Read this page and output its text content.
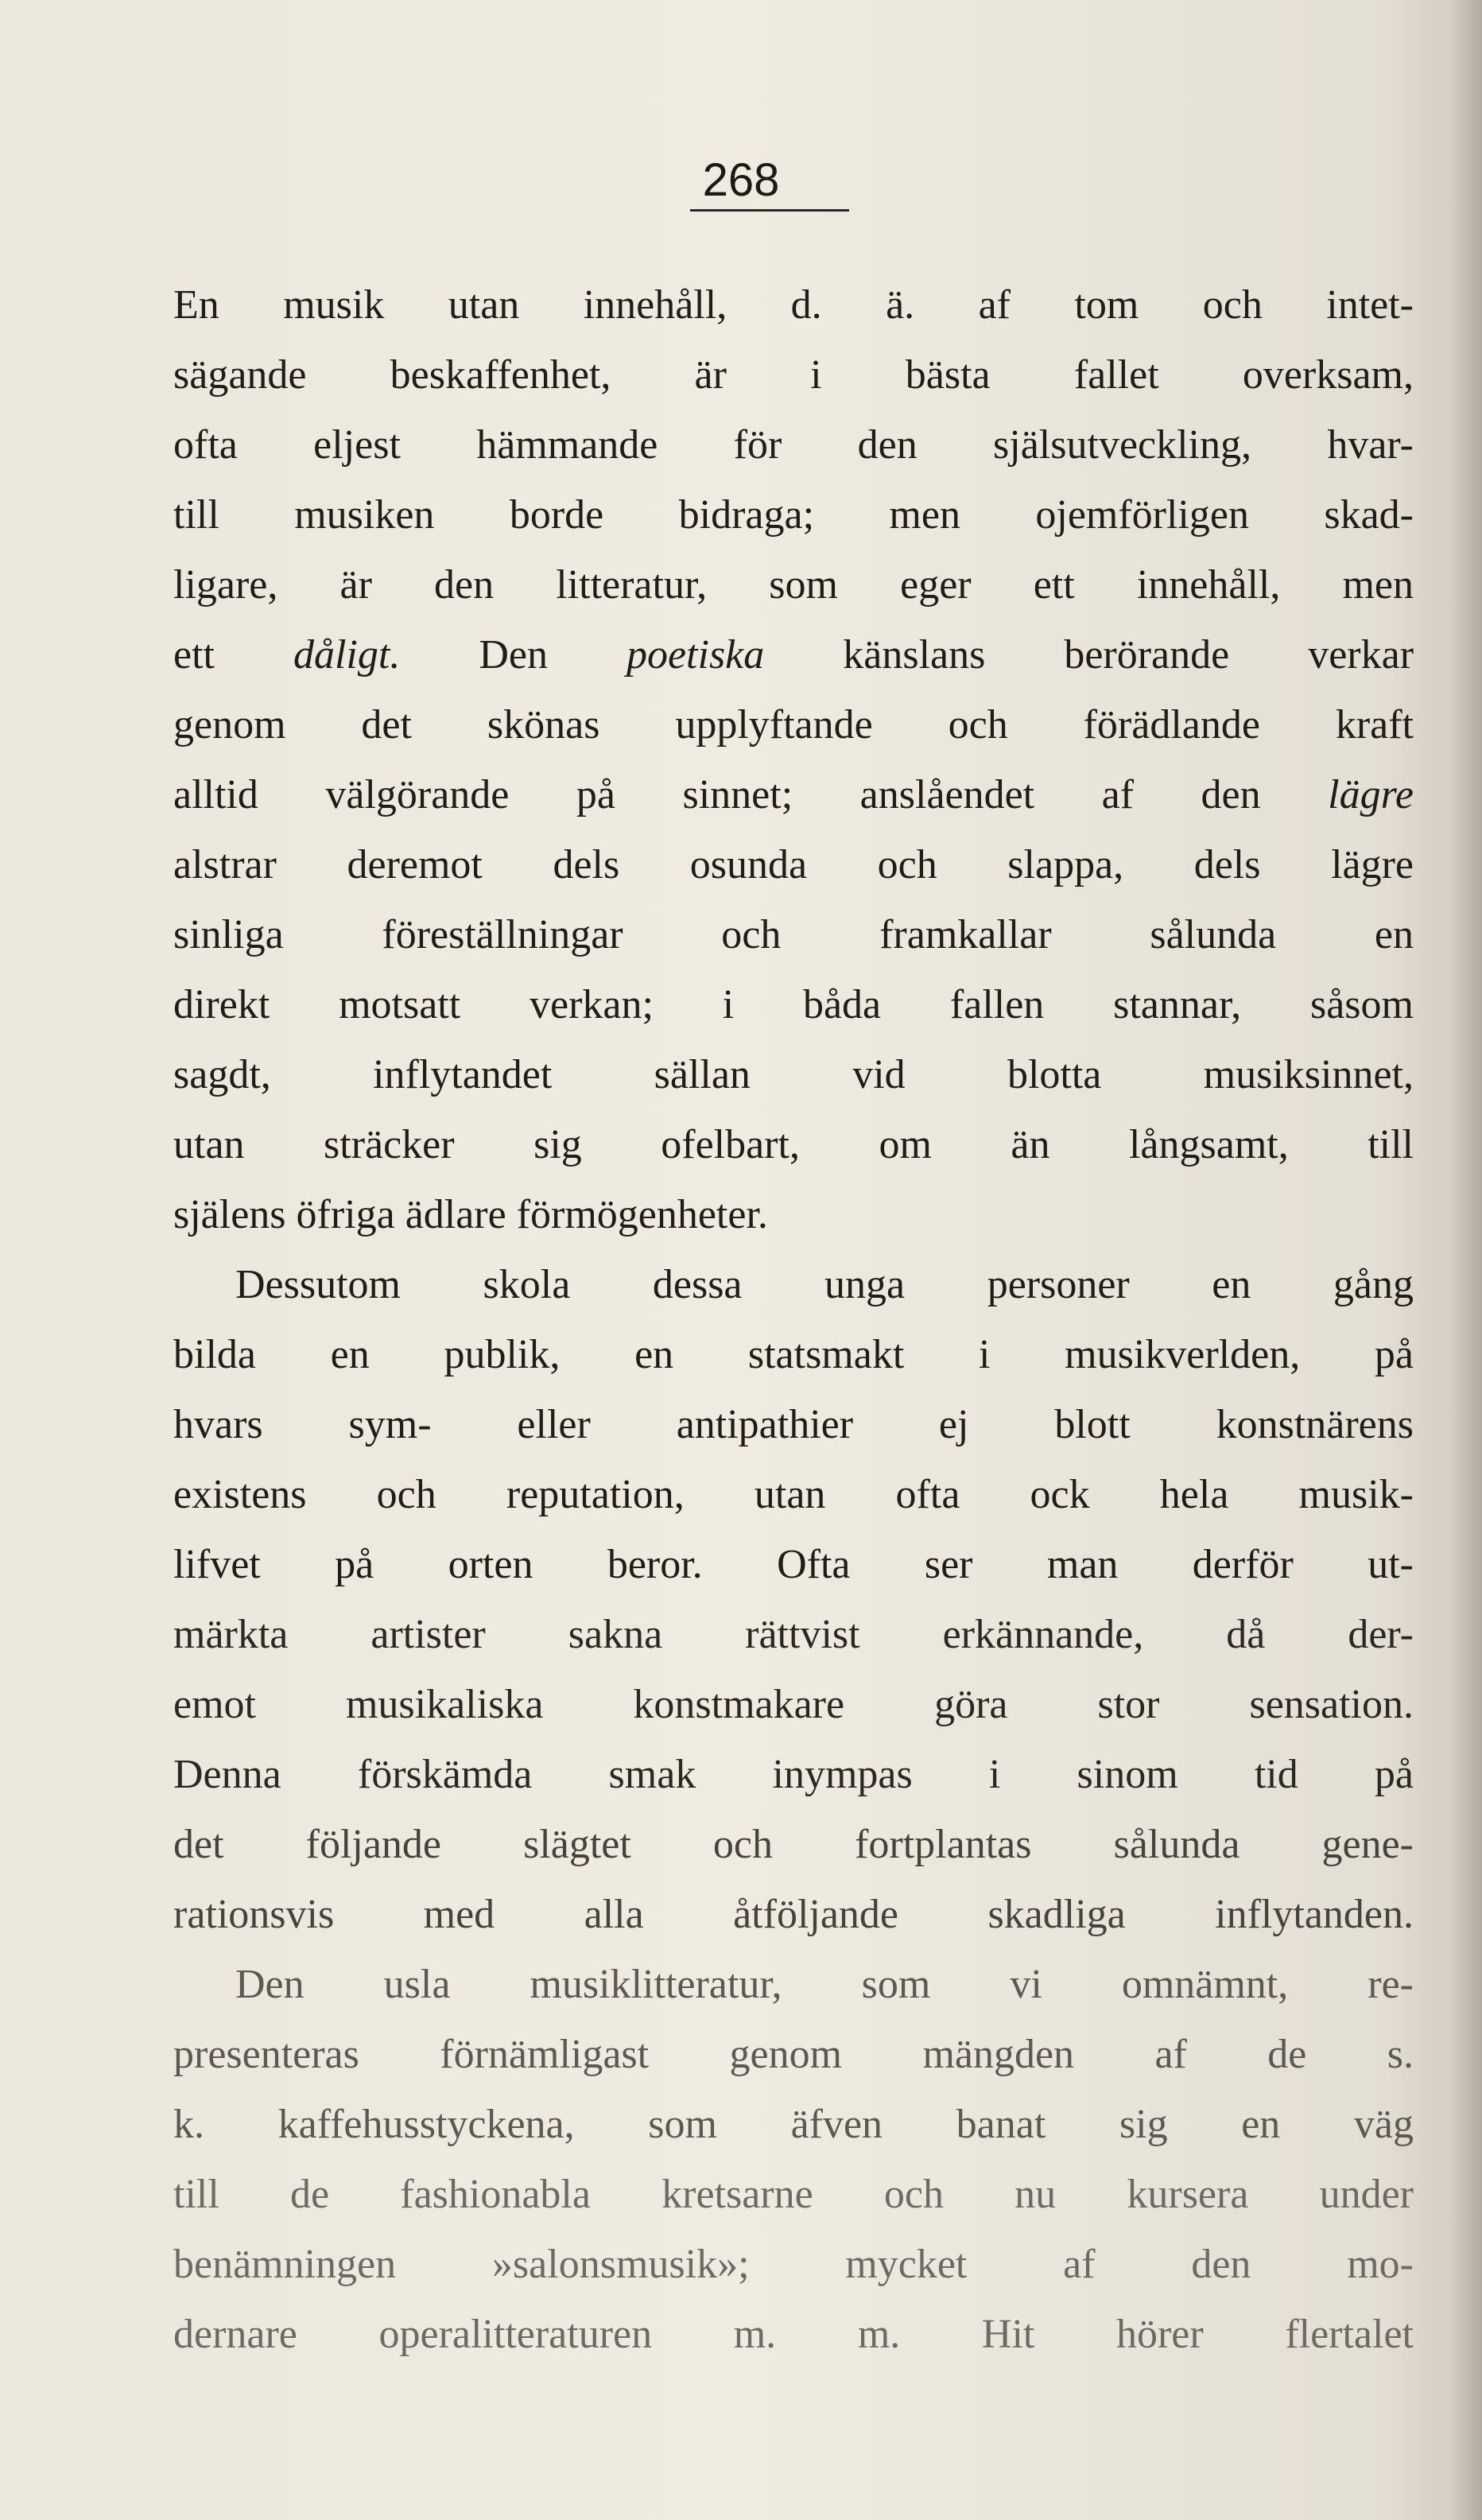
268
En musik utan innehåll, d. ä. af tom och intet-
sägande beskaffenhet, är i bästa fallet overksam,
ofta eljest hämmande för den själsutveckling, hvar-
till musiken borde bidraga; men ojemförligen skad-
ligare, är den litteratur, som eger ett innehåll, men
ett dåligt. Den poetiska känslans berörande verkar
genom det skönas upplyftande och förädlande kraft
alltid välgörande på sinnet; anslåendet af den lägre
alstrar deremot dels osunda och slappa, dels lägre
sinliga föreställningar och framkallar sålunda en
direkt motsatt verkan; i båda fallen stannar, såsom
sagdt, inflytandet sällan vid blotta musiksinnet,
utan sträcker sig ofelbart, om än långsamt, till
själens öfriga ädlare förmögenheter.
Dessutom skola dessa unga personer en gång
bilda en publik, en statsmakt i musikverlden, på
hvars sym- eller antipathier ej blott konstnärens
existens och reputation, utan ofta ock hela musik-
lifvet på orten beror. Ofta ser man derför ut-
märkta artister sakna rättvist erkännande, då der-
emot musikaliska konstmakare göra stor sensation.
Denna förskämda smak inympas i sinom tid på
det följande slägtet och fortplantas sålunda gene-
rationsvis med alla åtföljande skadliga inflytanden.
Den usla musiklitteratur, som vi omnämnt, re-
presenteras förnämligast genom mängden af de s.
k. kaffehusstyckena, som äfven banat sig en väg
till de fashionabla kretsarne och nu kursera under
benämningen »salonsmusik»; mycket af den mo-
dernare operalitteraturen m. m. Hit hörer flertalet
